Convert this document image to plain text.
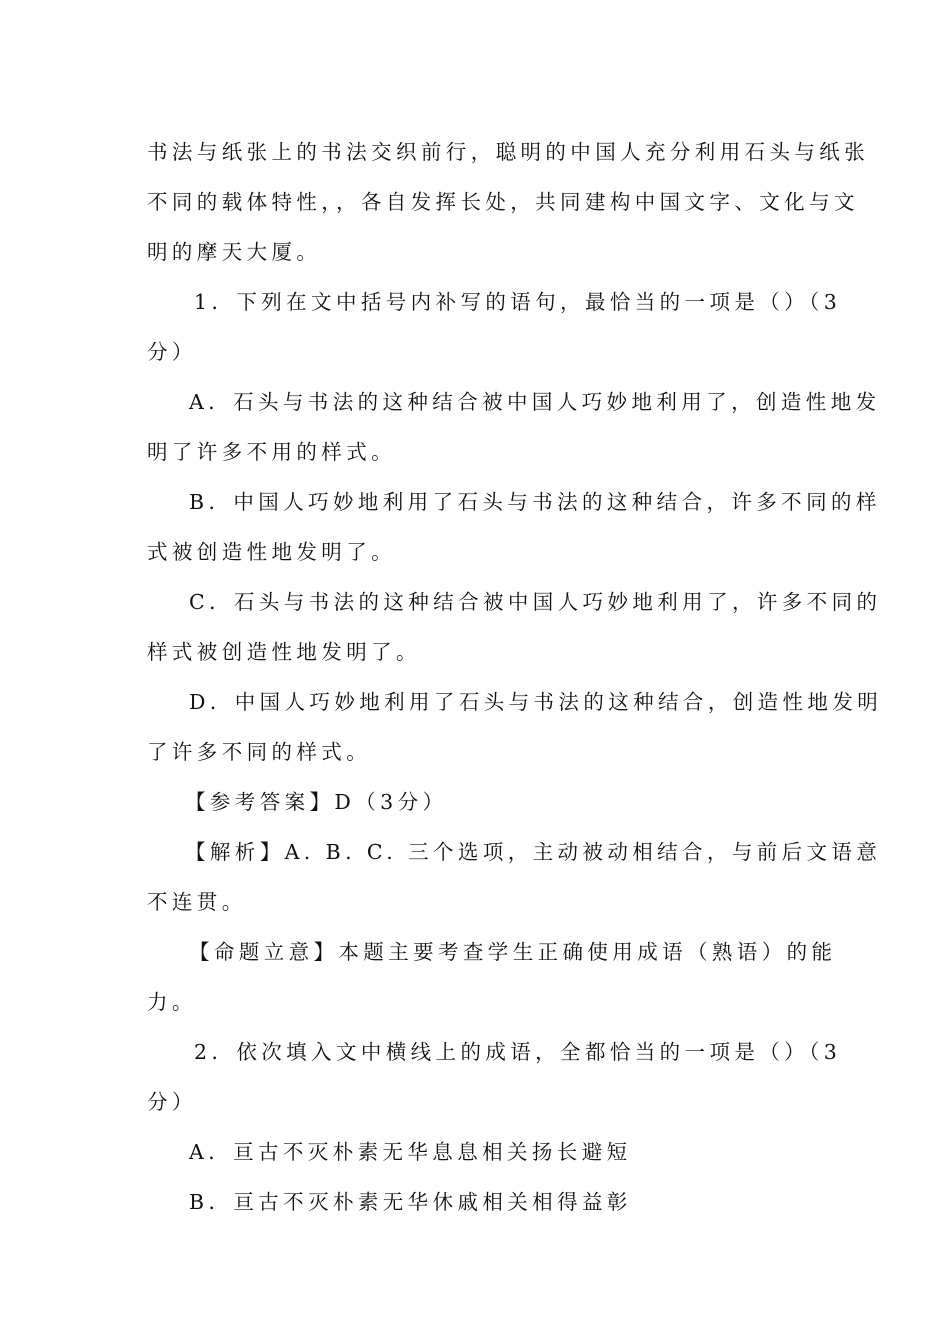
书法与纸张上的书法交织前行，聪明的中国人充分利用石头与纸张
不同的载体特性，，各自发挥长处，共同建构中国文字、文化与文
明的摩天大厦。
1．下列在文中括号内补写的语句，最恰当的一项是（）（3
分）
A．石头与书法的这种结合被中国人巧妙地利用了，创造性地发
明了许多不用的样式。
B．中国人巧妙地利用了石头与书法的这种结合，许多不同的样
式被创造性地发明了。
C．石头与书法的这种结合被中国人巧妙地利用了，许多不同的
样式被创造性地发明了。
D．中国人巧妙地利用了石头与书法的这种结合，创造性地发明
了许多不同的样式。
【参考答案】D（3分）
【解析】A. B. C. 三个选项，主动被动相结合，与前后文语意
不连贯。
【命题立意】本题主要考查学生正确使用成语（熟语）的能
力。
2．依次填入文中横线上的成语，全都恰当的一项是（）（3
分）
A．亘古不灭朴素无华息息相关扬长避短
B．亘古不灭朴素无华休戚相关相得益彰
